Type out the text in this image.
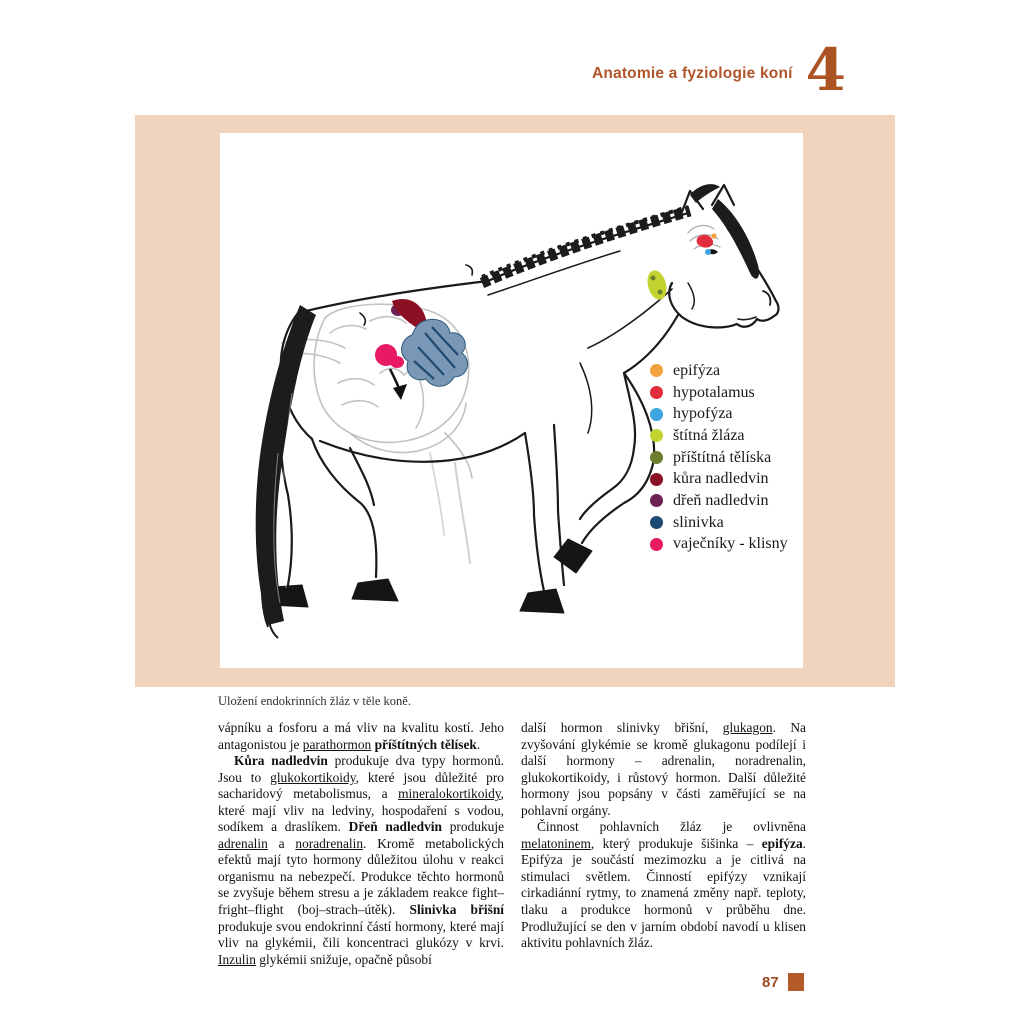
Anatomie a fyziologie koní 4
epifýza
hypotalamus
hypofýza
štítná žláza
příštítná tělíska
kůra nadledvin
dřeň nadledvin
slinivka
vaječníky - klisny
Uložení endokrinních žláz v těle koně.

vápníku a fosforu a má vliv na kvalitu kostí. Jeho antagonistou je parathormon příštítných tělísek.

Kůra nadledvin produkuje dva typy hormonů. Jsou to glukokortikoidy, které jsou důležité pro sacharidový metabolismus, a mineralokortikoidy, které mají vliv na ledviny, hospodaření s vodou, sodíkem a draslíkem. Dřeň nadledvin produkuje adrenalin a noradrenalin. Kromě metabolických efektů mají tyto hormony důležitou úlohu v reakci organismu na nebezpečí. Produkce těchto hormonů se zvyšuje během stresu a je základem reakce fight–fright–flight (boj–strach–útěk). Slinivka břišní produkuje svou endokrinní částí hormony, které mají vliv na glykémii, čili koncentraci glukózy v krvi. Inzulin glykémii snižuje, opačně působí

další hormon slinivky břišní, glukagon. Na zvyšování glykémie se kromě glukagonu podílejí i další hormony – adrenalin, noradrenalin, glukokortikoidy, i růstový hormon. Další důležité hormony jsou popsány v části zaměřující se na pohlavní orgány.

Činnost pohlavních žláz je ovlivněna melatoninem, který produkuje šišinka – epifýza. Epifýza je součástí mezimozku a je citlivá na stimulaci světlem. Činností epifýzy vznikají cirkadiánní rytmy, to znamená změny např. teploty, tlaku a produkce hormonů v průběhu dne. Prodlužující se den v jarním období navodí u klisen aktivitu pohlavních žláz.

87
